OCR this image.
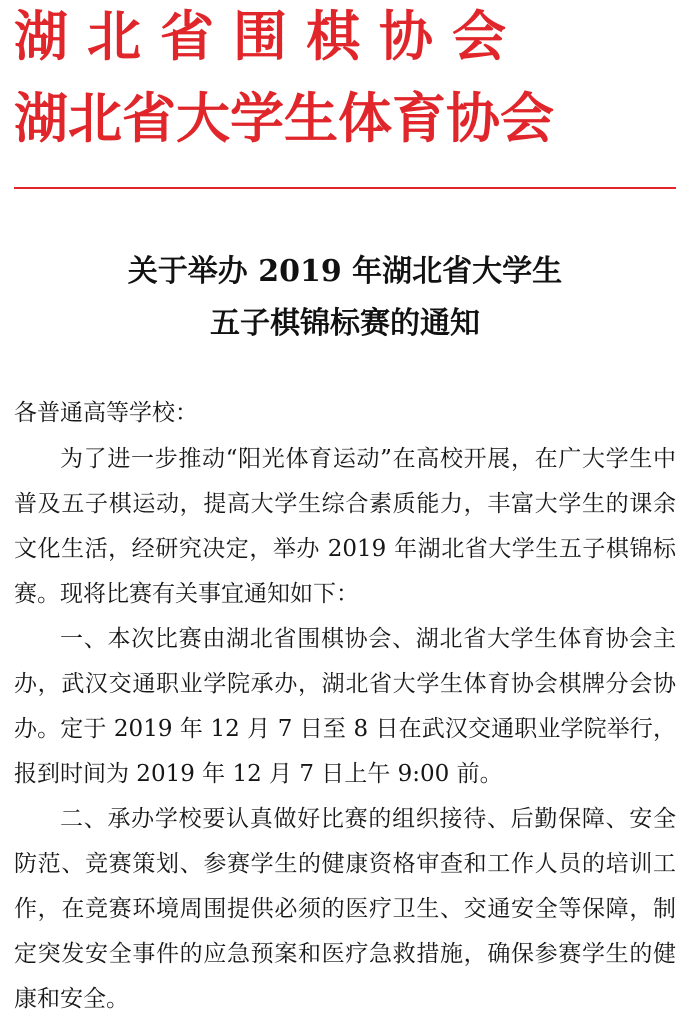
湖北省围棋协会
湖北省大学生体育协会
关于举办 2019 年湖北省大学生
五子棋锦标赛的通知
各普通高等学校：

为了进一步推动“阳光体育运动”在高校开展，在广大学生中普及五子棋运动，提高大学生综合素质能力，丰富大学生的课余文化生活，经研究决定，举办 2019 年湖北省大学生五子棋锦标赛。现将比赛有关事宜通知如下：

一、本次比赛由湖北省围棋协会、湖北省大学生体育协会主办，武汉交通职业学院承办，湖北省大学生体育协会棋牌分会协办。定于 2019 年 12 月 7 日至 8 日在武汉交通职业学院举行，报到时间为 2019 年 12 月 7 日上午 9:00 前。

二、承办学校要认真做好比赛的组织接待、后勤保障、安全防范、竞赛策划、参赛学生的健康资格审查和工作人员的培训工作，在竞赛环境周围提供必须的医疗卫生、交通安全等保障，制定突发安全事件的应急预案和医疗急救措施，确保参赛学生的健康和安全。
